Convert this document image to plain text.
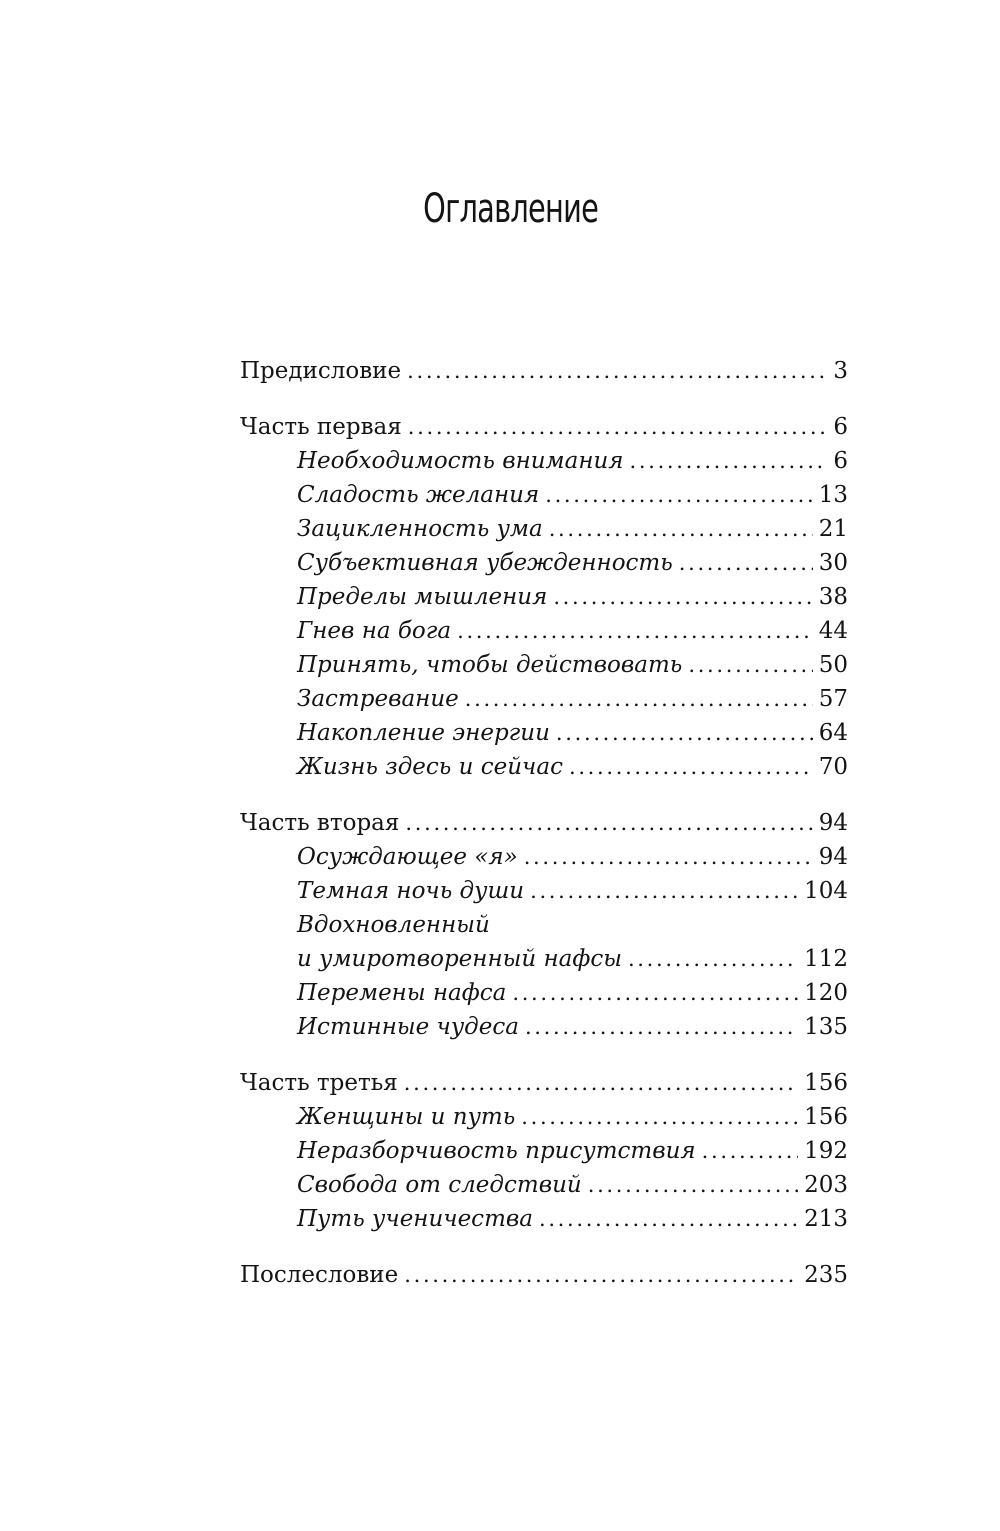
Оглавление
Предисловие . . .	3
Часть первая . . .	6
Необходимость внимания . . .	6
Сладость желания . . .	13
Зацикленность ума . . .	21
Субъективная убежденность . . .	30
Пределы мышления . . .	38
Гнев на бога . . .	44
Принять, чтобы действовать . . .	50
Застревание . . .	57
Накопление энергии . . .	64
Жизнь здесь и сейчас . . .	70
Часть вторая . . .	94
Осуждающее «я» . . .	94
Темная ночь души . . .	104
Вдохновленный
и умиротворенный нафсы . . .	112
Перемены нафса . . .	120
Истинные чудеса . . .	135
Часть третья . . .	156
Женщины и путь . . .	156
Неразборчивость присутствия . . .	192
Свобода от следствий . . .	203
Путь ученичества . . .	213
Послесловие . . .	235
